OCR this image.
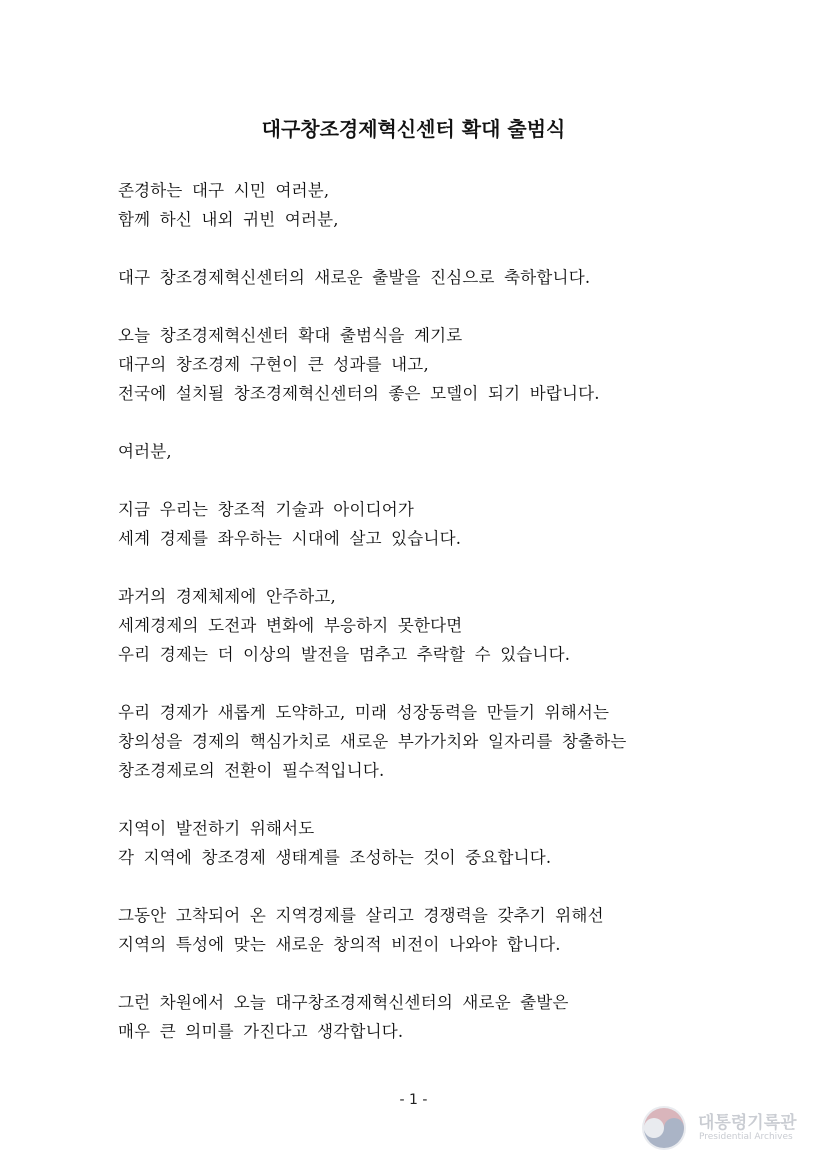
대구창조경제혁신센터 확대 출범식
존경하는 대구 시민 여러분,
함께 하신 내외 귀빈 여러분,
대구 창조경제혁신센터의 새로운 출발을 진심으로 축하합니다.
오늘 창조경제혁신센터 확대 출범식을 계기로
대구의 창조경제 구현이 큰 성과를 내고,
전국에 설치될 창조경제혁신센터의 좋은 모델이 되기 바랍니다.
여러분,
지금 우리는 창조적 기술과 아이디어가
세계 경제를 좌우하는 시대에 살고 있습니다.
과거의 경제체제에 안주하고,
세계경제의 도전과 변화에 부응하지 못한다면
우리 경제는 더 이상의 발전을 멈추고 추락할 수 있습니다.
우리 경제가 새롭게 도약하고, 미래 성장동력을 만들기 위해서는
창의성을 경제의 핵심가치로 새로운 부가가치와 일자리를 창출하는
창조경제로의 전환이 필수적입니다.
지역이 발전하기 위해서도
각 지역에 창조경제 생태계를 조성하는 것이 중요합니다.
그동안 고착되어 온 지역경제를 살리고 경쟁력을 갖추기 위해선
지역의 특성에 맞는 새로운 창의적 비전이 나와야 합니다.
그런 차원에서 오늘 대구창조경제혁신센터의 새로운 출발은
매우 큰 의미를 가진다고 생각합니다.
- 1 -
대통령기록관
Presidential Archives
